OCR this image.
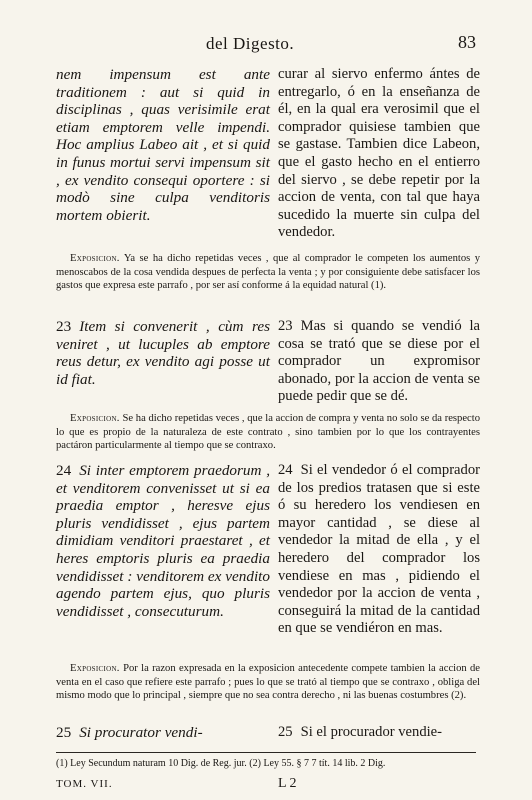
del Digesto.	83

nem impensum est ante traditionem : aut si quid in disciplinas , quas verisimile erat etiam emptorem velle impendi. Hoc amplius Labeo ait , et si quid in funus mortui servi impensum sit , ex vendito consequi oportere : si modò sine culpa venditoris mortem obierit.

curar al siervo enfermo ántes de entregarlo, ó en la enseñanza de él, en la qual era verosimil que el comprador quisiese tambien que se gastase. Tambien dice Labeon, que el gasto hecho en el entierro del siervo , se debe repetir por la accion de venta, con tal que haya sucedido la muerte sin culpa del vendedor.

Exposicion. Ya se ha dicho repetidas veces , que al comprador le competen los aumentos y menoscabos de la cosa vendida despues de perfecta la venta ; y por consiguiente debe satisfacer los gastos que expresa este parrafo , por ser así conforme á la equidad natural (1).

23 Item si convenerit , cùm res veniret , ut lucuples ab emptore reus detur, ex vendito agi posse ut id fiat.

23 Mas si quando se vendió la cosa se trató que se diese por el comprador un expromisor abonado, por la accion de venta se puede pedir que se dé.

Exposicion. Se ha dicho repetidas veces , que la accion de compra y venta no solo se da respecto lo que es propio de la naturaleza de este contrato , sino tambien por lo que los contrayentes pactáron particularmente al tiempo que se contraxo.

24 Si inter emptorem praedorum , et venditorem convenisset ut si ea praedia emptor , heresve ejus pluris vendidisset , ejus partem dimidiam venditori praestaret , et heres emptoris pluris ea praedia vendidisset : venditorem ex vendito agendo partem ejus, quo pluris vendidisset , consecuturum.

24 Si el vendedor ó el comprador de los predios tratasen que si este ó su heredero los vendiesen en mayor cantidad , se diese al vendedor la mitad de ella , y el heredero del comprador los vendiese en mas , pidiendo el vendedor por la accion de venta , conseguirá la mitad de la cantidad en que se vendiéron en mas.

Exposicion. Por la razon expresada en la exposicion antecedente compete tambien la accion de venta en el caso que refiere este parrafo ; pues lo que se trató al tiempo que se contraxo , obliga del mismo modo que lo principal , siempre que no sea contra derecho , ni las buenas costumbres (2).

25 Si procurator vendi-	25 Si el procurador vendie-

(1) Ley Secundum naturam 10 Dig. de Reg. jur. (2) Ley 55. § 7 7 tít. 14 lib. 2 Dig.
TOM. VII.	L 2
